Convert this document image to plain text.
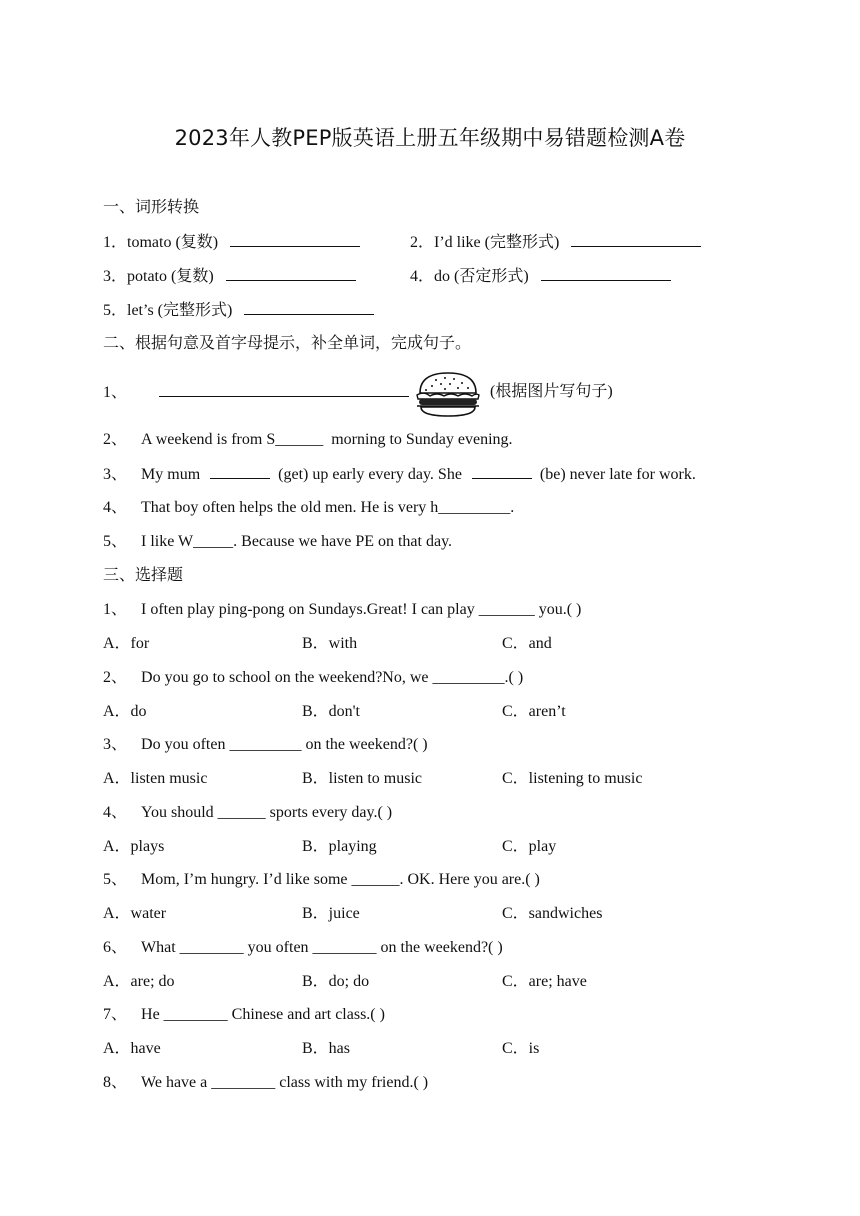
2023年人教PEP版英语上册五年级期中易错题检测A卷
一、词形转换
1．tomato (复数)	2．I’d like (完整形式)
3．potato (复数)	4．do (否定形式)
5．let’s (完整形式)
二、根据句意及首字母提示，补全单词，完成句子。
1、	(根据图片写句子)
2、 A weekend is from S______ morning to Sunday evening.
3、 My mum	(get) up early every day. She	(be) never late for work.
4、 That boy often helps the old men. He is very h_________.
5、 I like W_____. Because we have PE on that day.
三、选择题
1、 I often play ping-pong on Sundays.Great! I can play _______ you.( )
A．for	B．with	C．and
2、 Do you go to school on the weekend?No, we _________.( )
A．do	B．don't	C．aren’t
3、 Do you often _________ on the weekend?( )
A．listen music	B．listen to music	C．listening to music
4、 You should ______ sports every day.( )
A．plays	B．playing	C．play
5、 Mom, I’m hungry. I’d like some ______. OK. Here you are.( )
A．water	B．juice	C．sandwiches
6、 What ________ you often ________ on the weekend?( )
A．are; do	B．do; do	C．are; have
7、 He ________ Chinese and art class.( )
A．have	B．has	C．is
8、 We have a ________ class with my friend.( )
